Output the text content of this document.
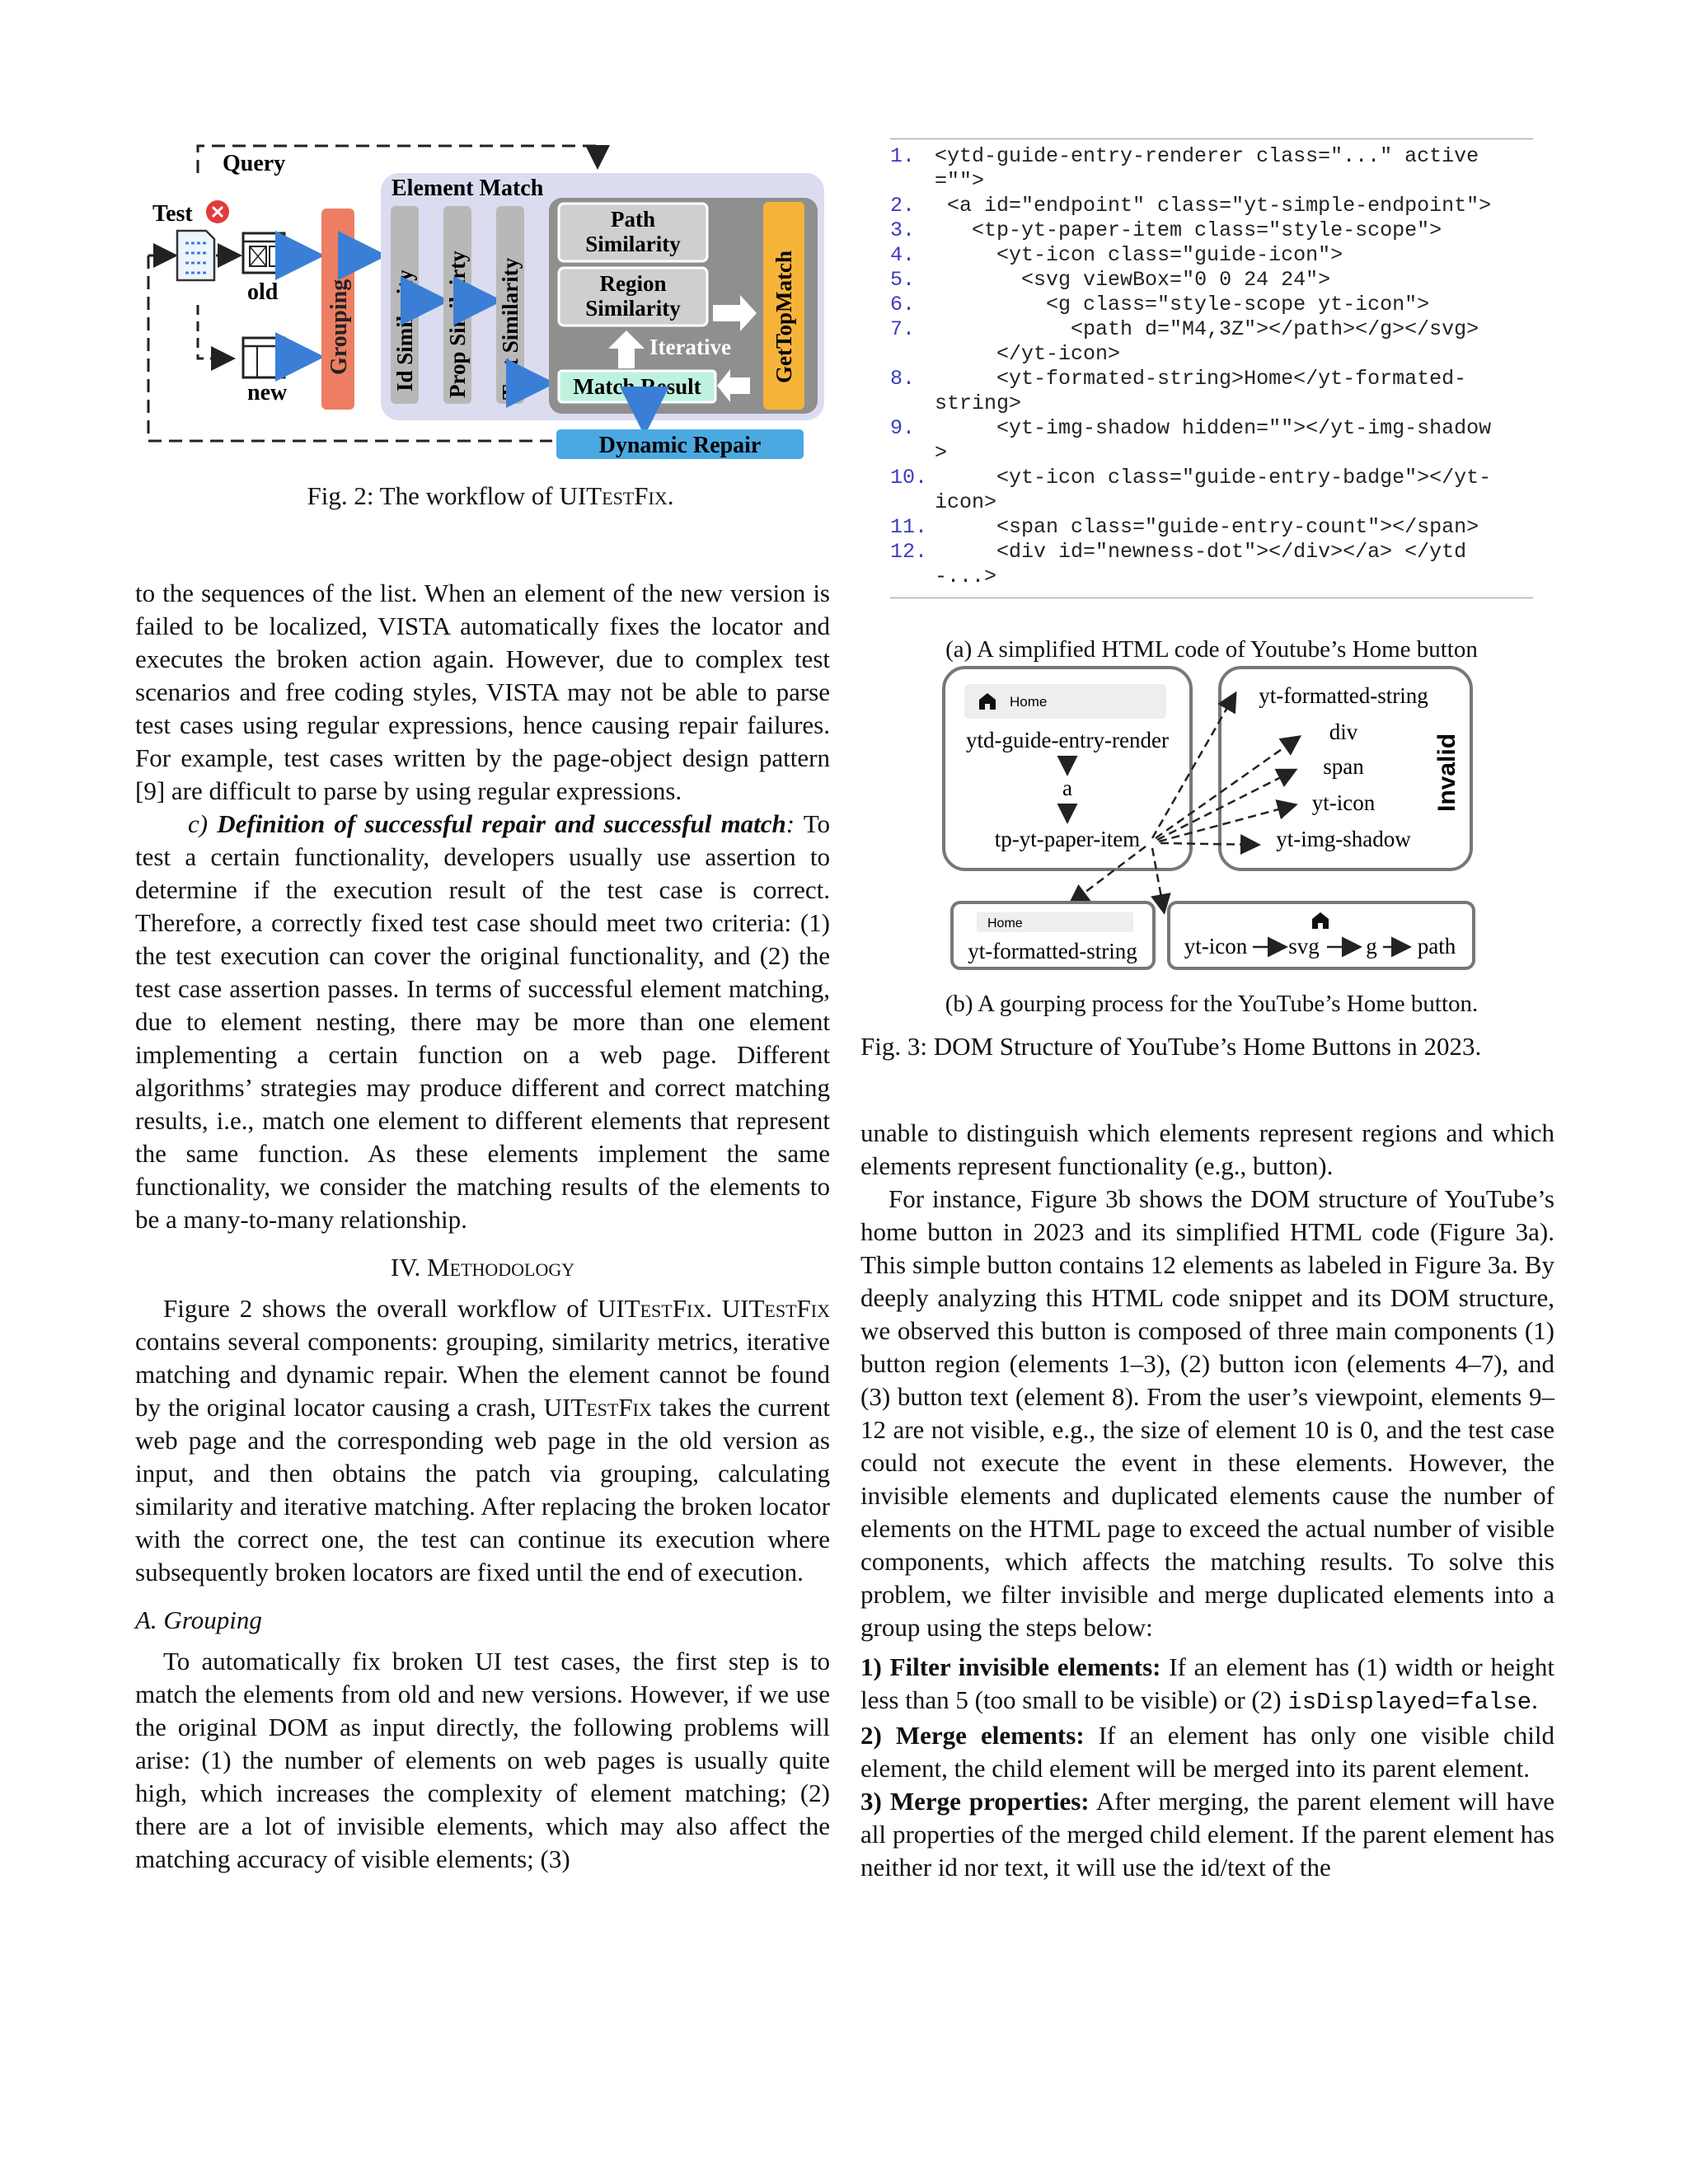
Query
Test
old
new
Grouping
Element Match
Id Similarity Prop Similairty Text Similarity
Path
Similarity
Region
Similarity
Iterative
Match Result
GetTopMatch
Dynamic Repair
Fig. 2: The workflow of UITestFix.

to the sequences of the list. When an element of the new version is failed to be localized, VISTA automatically fixes the locator and executes the broken action again. However, due to complex test scenarios and free coding styles, VISTA may not be able to parse test cases using regular expressions, hence causing repair failures. For example, test cases written by the page-object design pattern [9] are difficult to parse by using regular expressions.

c) Definition of successful repair and successful match: To test a certain functionality, developers usually use assertion to determine if the execution result of the test case is correct. Therefore, a correctly fixed test case should meet two criteria: (1) the test execution can cover the original functionality, and (2) the test case assertion passes. In terms of successful element matching, due to element nesting, there may be more than one element implementing a certain function on a web page. Different algorithms’ strategies may produce different and correct matching results, i.e., match one element to different elements that represent the same function. As these elements implement the same functionality, we consider the matching results of the elements to be a many-to-many relationship.

IV. Methodology

Figure 2 shows the overall workflow of UITestFix. UITestFix contains several components: grouping, similarity metrics, iterative matching and dynamic repair. When the element cannot be found by the original locator causing a crash, UITestFix takes the current web page and the corresponding web page in the old version as input, and then obtains the patch via grouping, calculating similarity and iterative matching. After replacing the broken locator with the correct one, the test can continue its execution where subsequently broken locators are fixed until the end of execution.

A. Grouping

To automatically fix broken UI test cases, the first step is to match the elements from old and new versions. However, if we use the original DOM as input directly, the following problems will arise: (1) the number of elements on web pages is usually quite high, which increases the complexity of element matching; (2) there are a lot of invisible elements, which may also affect the matching accuracy of visible elements; (3)

1. <ytd-guide-entry-renderer class="..." active
="">
2. <a id="endpoint" class="yt-simple-endpoint">
3. <tp-yt-paper-item class="style-scope">
4. <yt-icon class="guide-icon">
5. <svg viewBox="0 0 24 24">
6. <g class="style-scope yt-icon">
7.	<path d="M4,3Z"></path></g></svg>
</yt-icon>
8.	<yt-formated-string>Home</yt-formated-
string>
9.	<yt-img-shadow hidden=""></yt-img-shadow
>
10.	<yt-icon class="guide-entry-badge"></yt-
icon>
11. <span class="guide-entry-count"></span>
12.	<div id="newness-dot"></div></a> </ytd
-...>
(a) A simplified HTML code of Youtube’s Home button
Home
ytd-guide-entry-render
a
tp-yt-paper-item
yt-formatted-string
div
span
yt-icon
yt-img-shadow
Invalid
Home
yt-formatted-string yt-icon svg g path
(b) A gourping process for the YouTube’s Home button.
Fig. 3: DOM Structure of YouTube’s Home Buttons in 2023.

unable to distinguish which elements represent regions and which elements represent functionality (e.g., button).

For instance, Figure 3b shows the DOM structure of YouTube’s home button in 2023 and its simplified HTML code (Figure 3a). This simple button contains 12 elements as labeled in Figure 3a. By deeply analyzing this HTML code snippet and its DOM structure, we observed this button is composed of three main components (1) button region (elements 1–3), (2) button icon (elements 4–7), and (3) button text (element 8). From the user’s viewpoint, elements 9–12 are not visible, e.g., the size of element 10 is 0, and the test case could not execute the event in these elements. However, the invisible elements and duplicated elements cause the number of elements on the HTML page to exceed the actual number of visible components, which affects the matching results. To solve this problem, we filter invisible and merge duplicated elements into a group using the steps below:

1) Filter invisible elements: If an element has (1) width or height less than 5 (too small to be visible) or (2) isDisplayed=false.

2) Merge elements: If an element has only one visible child element, the child element will be merged into its parent element.

3) Merge properties: After merging, the parent element will have all properties of the merged child element. If the parent element has neither id nor text, it will use the id/text of the
